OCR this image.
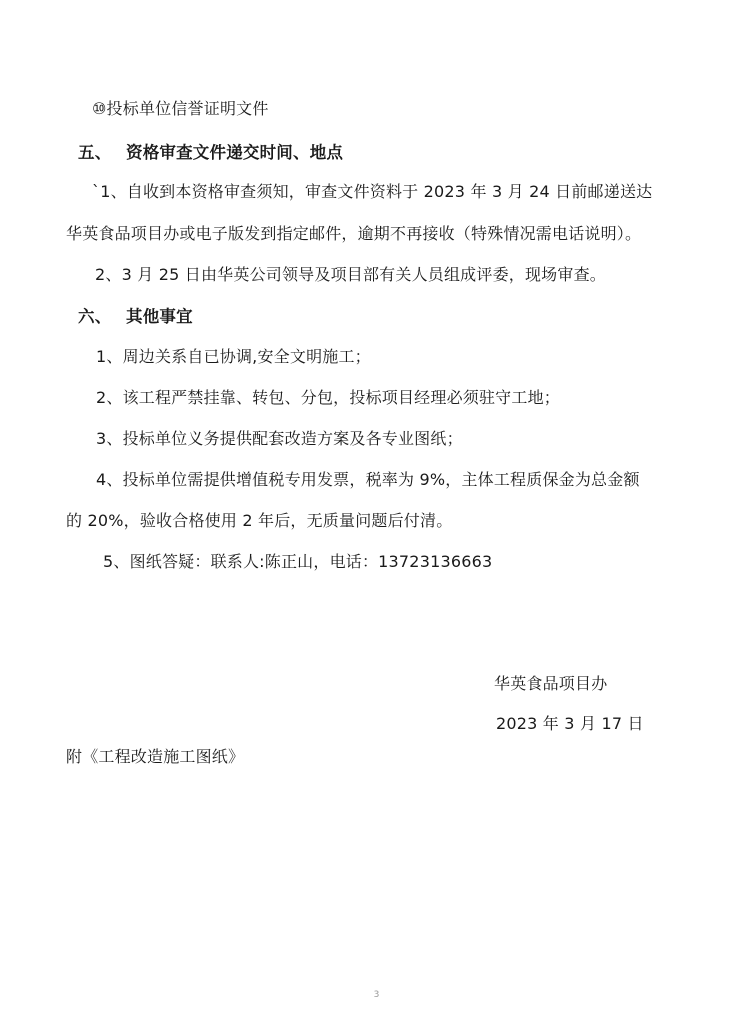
⑩投标单位信誉证明文件
五、 资格审查文件递交时间、地点
`1、自收到本资格审查须知，审查文件资料于 2023 年 3 月 24 日前邮递送达
华英食品项目办或电子版发到指定邮件，逾期不再接收（特殊情况需电话说明）。
2、3 月 25 日由华英公司领导及项目部有关人员组成评委，现场审查。
六、 其他事宜
1、周边关系自已协调,安全文明施工；
2、该工程严禁挂靠、转包、分包，投标项目经理必须驻守工地；
3、投标单位义务提供配套改造方案及各专业图纸；
4、投标单位需提供增值税专用发票，税率为 9%，主体工程质保金为总金额
的 20%，验收合格使用 2 年后，无质量问题后付清。
5、图纸答疑：联系人:陈正山，电话：13723136663
华英食品项目办
2023 年 3 月 17 日
附《工程改造施工图纸》
3
